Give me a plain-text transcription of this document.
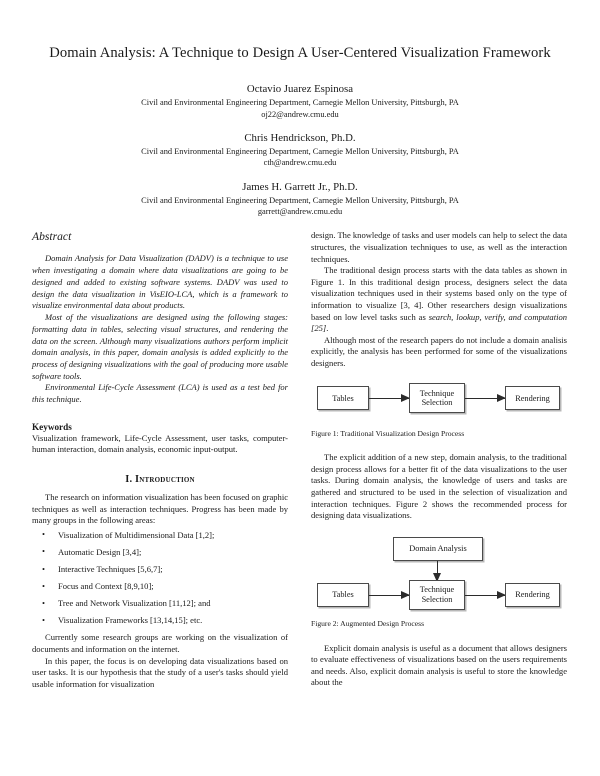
Domain Analysis: A Technique to Design A User-Centered Visualization Framework
Octavio Juarez Espinosa
Civil and Environmental Engineering Department, Carnegie Mellon University, Pittsburgh, PA
oj22@andrew.cmu.edu
Chris Hendrickson, Ph.D.
Civil and Environmental Engineering Department, Carnegie Mellon University, Pittsburgh, PA
cth@andrew.cmu.edu
James H. Garrett Jr., Ph.D.
Civil and Environmental Engineering Department, Carnegie Mellon University, Pittsburgh, PA
garrett@andrew.cmu.edu
Abstract

Domain Analysis for Data Visualization (DADV) is a technique to use when investigating a domain where data visualizations are going to be designed and added to existing software systems. DADV was used to design the data visualization in VisEIO-LCA, which is a framework to visualize environmental data about products.

Most of the visualizations are designed using the following stages: formatting data in tables, selecting visual structures, and rendering the data on the screen. Although many visualizations authors perform implicit domain analysis, in this paper, domain analysis is added explicitly to the process of designing visualizations with the goal of producing more usable software tools.

Environmental Life-Cycle Assessment (LCA) is used as a test bed for this technique.

Keywords

Visualization framework, Life-Cycle Assessment, user tasks, computer-human interaction, domain analysis, economic input-output.

I. Introduction

The research on information visualization has been focused on graphic techniques as well as interaction techniques. Progress has been made by many groups in the following areas:

• Visualization of Multidimensional Data [1,2];
• Automatic Design [3,4];
• Interactive Techniques [5,6,7];
• Focus and Context [8,9,10];
• Tree and Network Visualization [11,12]; and
• Visualization Frameworks [13,14,15]; etc.

Currently some research groups are working on the visualization of documents and information on the internet.

In this paper, the focus is on developing data visualizations based on user tasks. It is our hypothesis that the study of a user's tasks should yield usable information for visualization

design. The knowledge of tasks and user models can help to select the data structures, the visualization techniques to use, as well as the interaction techniques.

The traditional design process starts with the data tables as shown in Figure 1. In this traditional design process, designers select the data visualization techniques used in their systems based only on the type of information to visualize [3, 4]. Other researchers design visualizations based on low level tasks such as search, lookup, verify, and computation [25].

Although most of the research papers do not include a domain analisis explicitly, the analysis has been performed for some of the visualizations designers.

Tables
Technique
Selection
Rendering
Figure 1: Traditional Visualization Design Process

The explicit addition of a new step, domain analysis, to the traditional design process allows for a better fit of the data visualizations to the user tasks. During domain analysis, the knowledge of users and tasks are gathered and structured to be used in the selection of visualization and interaction techniques. Figure 2 shows the recommended process for designing data visualizations.

Domain Analysis
Tables
Technique
Selection
Rendering
Figure 2: Augmented Design Process

Explicit domain analysis is useful as a document that allows designers to evaluate effectiveness of visualizations based on the users requirements and needs. Also, explicit domain analysis is useful to store the knowledge about the
